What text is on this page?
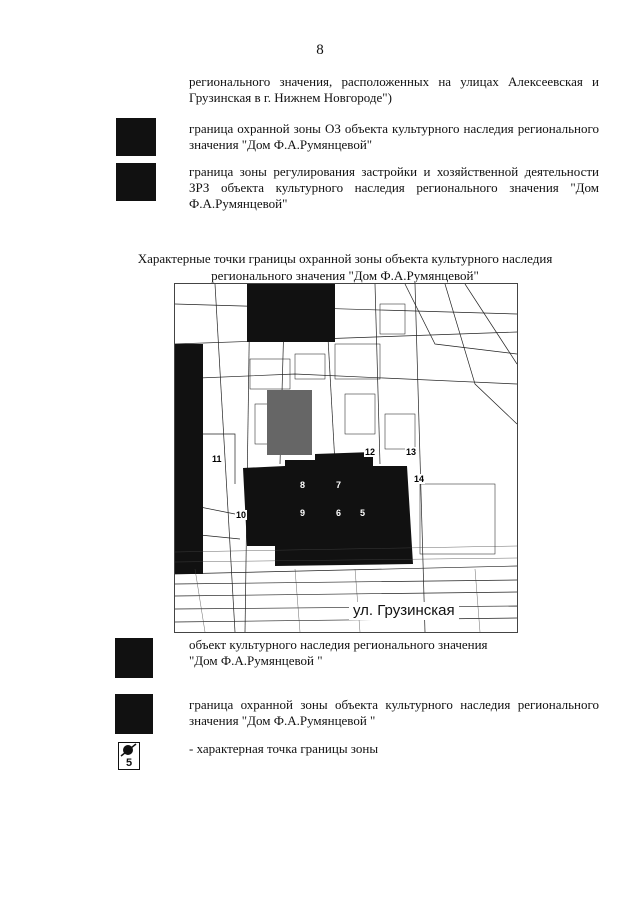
8
регионального значения, расположенных на улицах Алексеевская и Грузинская в г. Нижнем Новгороде")
граница охранной зоны ОЗ объекта культурного наследия регионального значения "Дом Ф.А.Румянцевой"
граница зоны регулирования застройки и хозяйственной деятельности ЗРЗ объекта культурного наследия регионального значения "Дом Ф.А.Румянцевой"
Характерные точки границы охранной зоны объекта культурного наследия
регионального значения "Дом Ф.А.Румянцевой"
11
12	13
14
10
8	7
9	6 5
ул. Грузинская
объект культурного наследия регионального значения "Дом Ф.А.Румянцевой "
граница охранной зоны объекта культурного наследия регионального значения "Дом Ф.А.Румянцевой "
5
- характерная точка границы зоны
